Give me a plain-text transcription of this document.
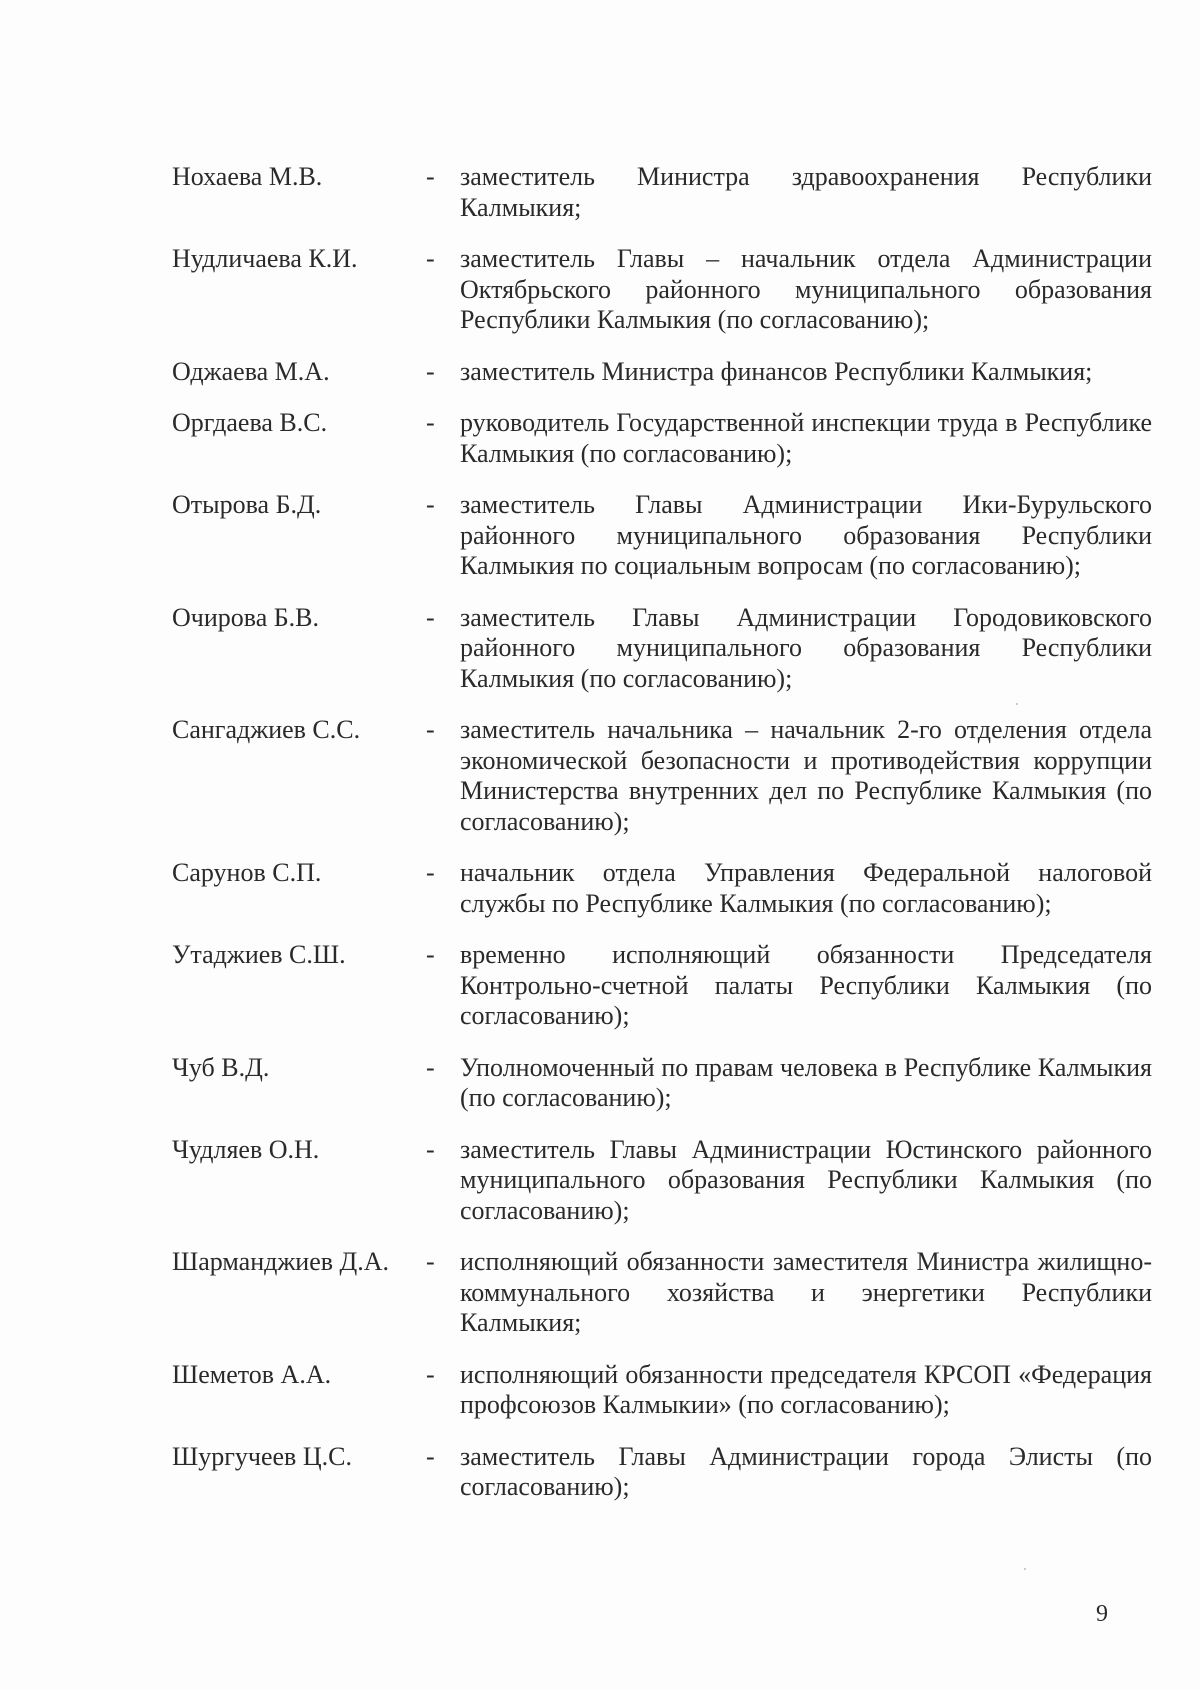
Нохаева М.В.	- заместитель Министра здравоохранения Республики Калмыкия;
Нудличаева К.И.	- заместитель Главы – начальник отдела Администрации Октябрьского районного муниципального образования Республики Калмыкия (по согласованию);
Оджаева М.А.	- заместитель Министра финансов Республики Калмыкия;
Оргдаева В.С.	- руководитель Государственной инспекции труда в Республике Калмыкия (по согласованию);
Отырова Б.Д.	- заместитель Главы Администрации Ики-Бурульского районного муниципального образования Республики Калмыкия по социальным вопросам (по согласованию);
Очирова Б.В.	- заместитель Главы Администрации Городовиковского районного муниципального образования Республики Калмыкия (по согласованию);
Сангаджиев С.С.	- заместитель начальника – начальник 2-го отделения отдела экономической безопасности и противодействия коррупции Министерства внутренних дел по Республике Калмыкия (по согласованию);
Сарунов С.П.	- начальник отдела Управления Федеральной налоговой службы по Республике Калмыкия (по согласованию);
Утаджиев С.Ш.	- временно исполняющий обязанности Председателя Контрольно-счетной палаты Республики Калмыкия (по согласованию);
Чуб В.Д.	- Уполномоченный по правам человека в Республике Калмыкия (по согласованию);
Чудляев О.Н.	- заместитель Главы Администрации Юстинского районного муниципального образования Республики Калмыкия (по согласованию);
Шарманджиев Д.А.	- исполняющий обязанности заместителя Министра жилищно-коммунального хозяйства и энергетики Республики Калмыкия;
Шеметов А.А.	- исполняющий обязанности председателя КРСОП «Федерация профсоюзов Калмыкии» (по согласованию);
Шургучеев Ц.С.	- заместитель Главы Администрации города Элисты (по согласованию);
9
